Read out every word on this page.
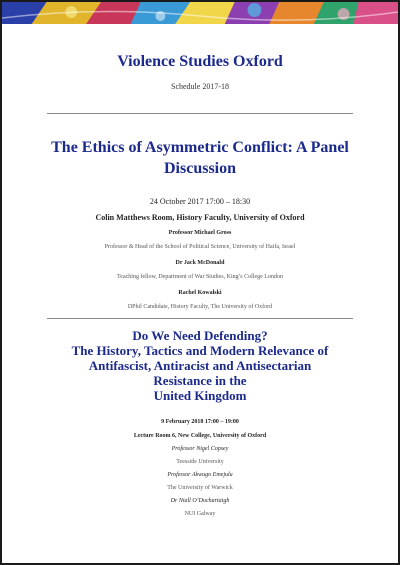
Violence Studies Oxford
Schedule 2017-18
The Ethics of Asymmetric Conflict: A Panel Discussion
24 October 2017 17:00 – 18:30
Colin Matthews Room, History Faculty, University of Oxford
Professor Michael Gross
Professor & Head of the School of Political Science, University of Haifa, Israel
Dr Jack McDonald
Teaching fellow, Department of War Studies, King’s College London
Rachel Kowalski
DPhil Candidate, History Faculty, The University of Oxford
Do We Need Defending?
The History, Tactics and Modern Relevance of
Antifascist, Antiracist and Antisectarian
Resistance in the
United Kingdom
9 February 2018 17:00 – 19:00
Lecture Room 6, New College, University of Oxford
Professor Nigel Copsey
Teesside University
Professor Akwugo Emejulu
The University of Warwick
Dr Niall O’Dochartaigh
NUI Galway
